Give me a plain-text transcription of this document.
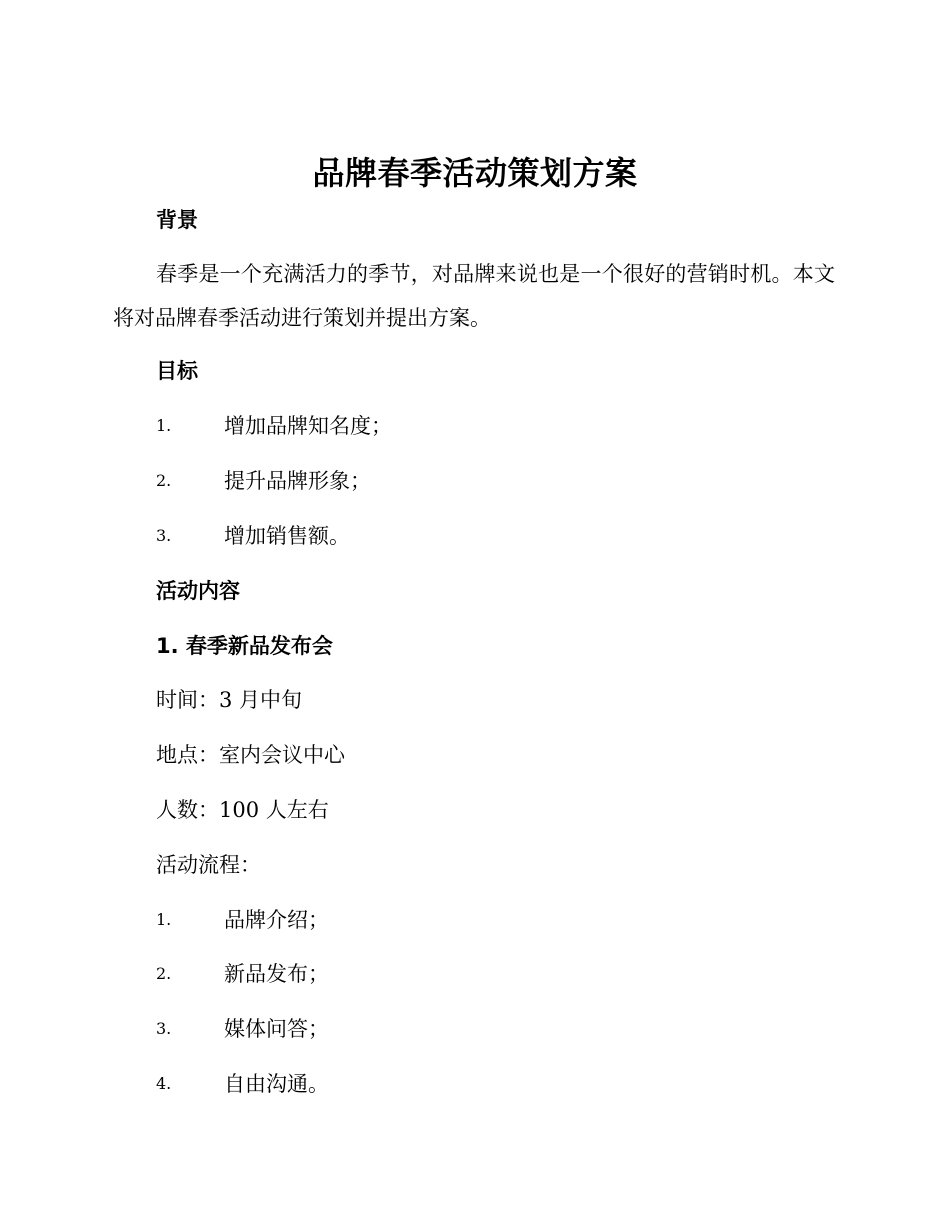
品牌春季活动策划方案
背景
春季是一个充满活力的季节，对品牌来说也是一个很好的营销时机。本文将对品牌春季活动进行策划并提出方案。
目标
1.	增加品牌知名度；
2.	提升品牌形象；
3.	增加销售额。
活动内容
1. 春季新品发布会
时间：3 月中旬
地点：室内会议中心
人数：100 人左右
活动流程：
1.	品牌介绍；
2.	新品发布；
3.	媒体问答；
4.	自由沟通。
